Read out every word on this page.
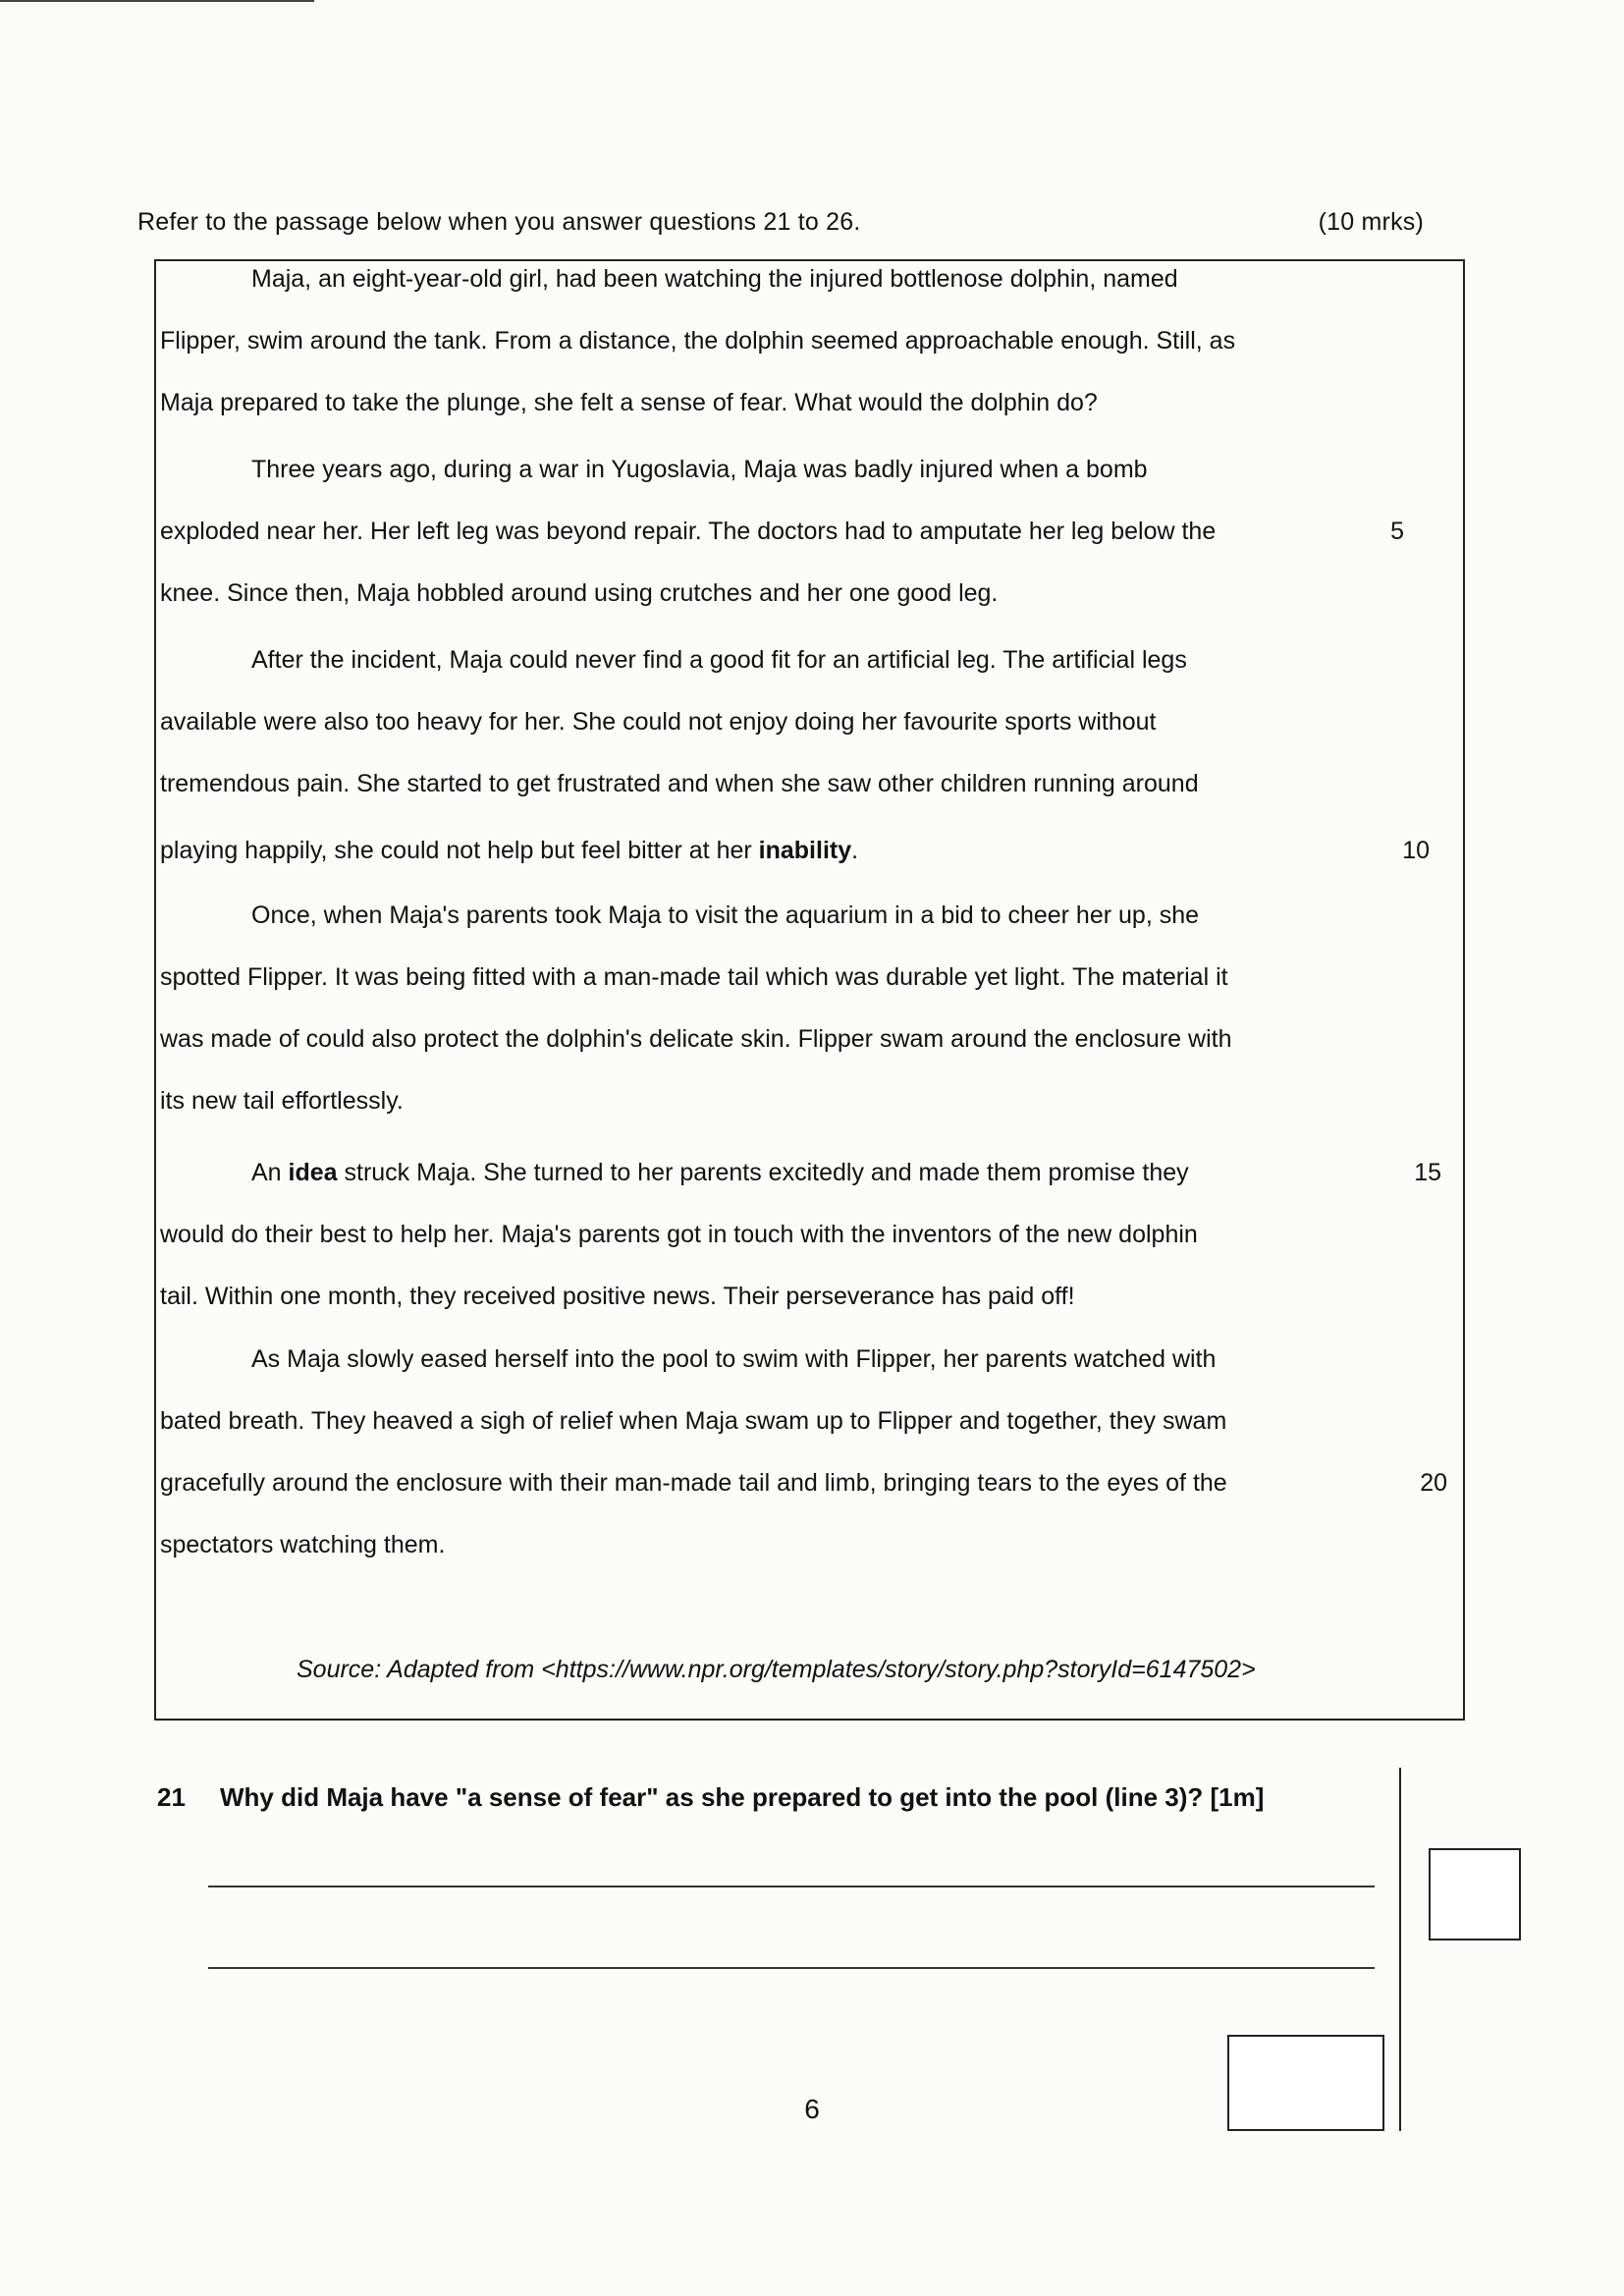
Refer to the passage below when you answer questions 21 to 26.	(10 mrks)
Maja, an eight-year-old girl, had been watching the injured bottlenose dolphin, named
Flipper, swim around the tank. From a distance, the dolphin seemed approachable enough. Still, as
Maja prepared to take the plunge, she felt a sense of fear. What would the dolphin do?
Three years ago, during a war in Yugoslavia, Maja was badly injured when a bomb
exploded near her. Her left leg was beyond repair. The doctors had to amputate her leg below the	5
knee. Since then, Maja hobbled around using crutches and her one good leg.
After the incident, Maja could never find a good fit for an artificial leg. The artificial legs
available were also too heavy for her. She could not enjoy doing her favourite sports without
tremendous pain. She started to get frustrated and when she saw other children running around
playing happily, she could not help but feel bitter at her inability.	10
Once, when Maja's parents took Maja to visit the aquarium in a bid to cheer her up, she
spotted Flipper. It was being fitted with a man-made tail which was durable yet light. The material it
was made of could also protect the dolphin's delicate skin. Flipper swam around the enclosure with
its new tail effortlessly.
An idea struck Maja. She turned to her parents excitedly and made them promise they	15
would do their best to help her. Maja's parents got in touch with the inventors of the new dolphin
tail. Within one month, they received positive news. Their perseverance has paid off!
As Maja slowly eased herself into the pool to swim with Flipper, her parents watched with
bated breath. They heaved a sigh of relief when Maja swam up to Flipper and together, they swam
gracefully around the enclosure with their man-made tail and limb, bringing tears to the eyes of the	20
spectators watching them.
Source: Adapted from <https://www.npr.org/templates/story/story.php?storyId=6147502>
21 Why did Maja have "a sense of fear" as she prepared to get into the pool (line 3)? [1m]
6
